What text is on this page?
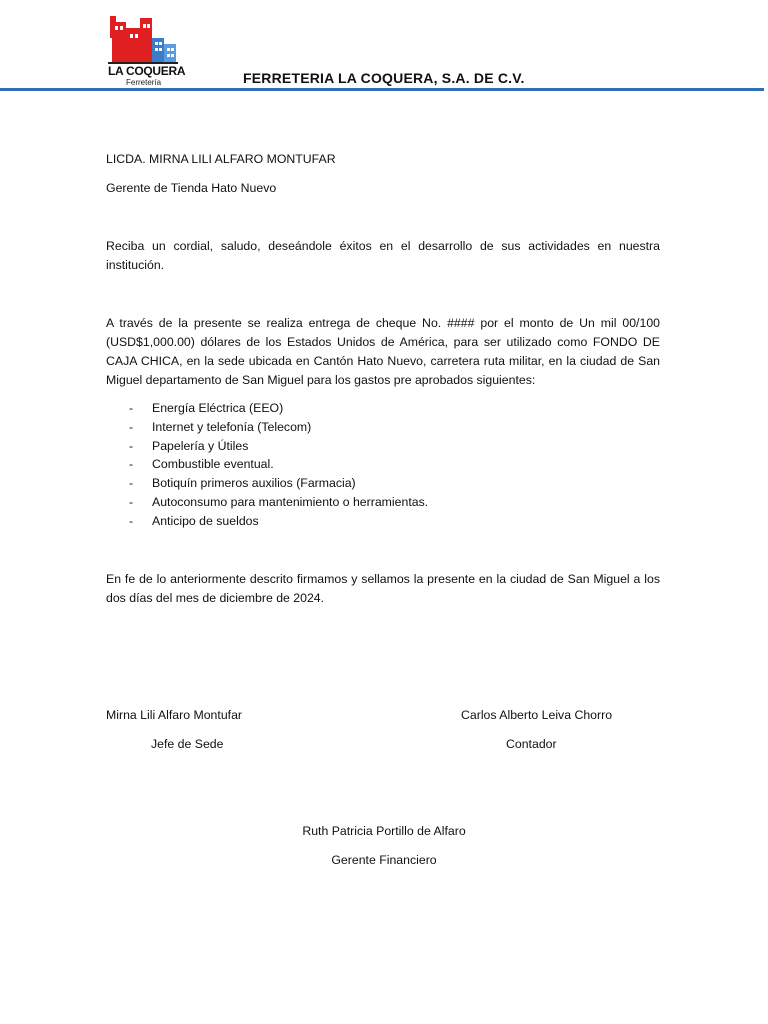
LA COQUERA
Ferretería	FERRETERIA LA COQUERA, S.A. DE C.V.
LICDA. MIRNA LILI ALFARO MONTUFAR
Gerente de Tienda Hato Nuevo
Reciba un cordial, saludo, deseándole éxitos en el desarrollo de sus actividades en nuestra institución.
A través de la presente se realiza entrega de cheque No. #### por el monto de Un mil 00/100 (USD$1,000.00) dólares de los Estados Unidos de América, para ser utilizado como FONDO DE CAJA CHICA, en la sede ubicada en Cantón Hato Nuevo, carretera ruta militar, en la ciudad de San Miguel departamento de San Miguel para los gastos pre aprobados siguientes:
- Energía Eléctrica (EEO)
- Internet y telefonía (Telecom)
- Papelería y Útiles
- Combustible eventual.
- Botiquín primeros auxilios (Farmacia)
- Autoconsumo para mantenimiento o herramientas.
- Anticipo de sueldos
En fe de lo anteriormente descrito firmamos y sellamos la presente en la ciudad de San Miguel a los dos días del mes de diciembre de 2024.
Mirna Lili Alfaro Montufar
Jefe de Sede
Carlos Alberto Leiva Chorro
Contador
Ruth Patricia Portillo de Alfaro
Gerente Financiero
